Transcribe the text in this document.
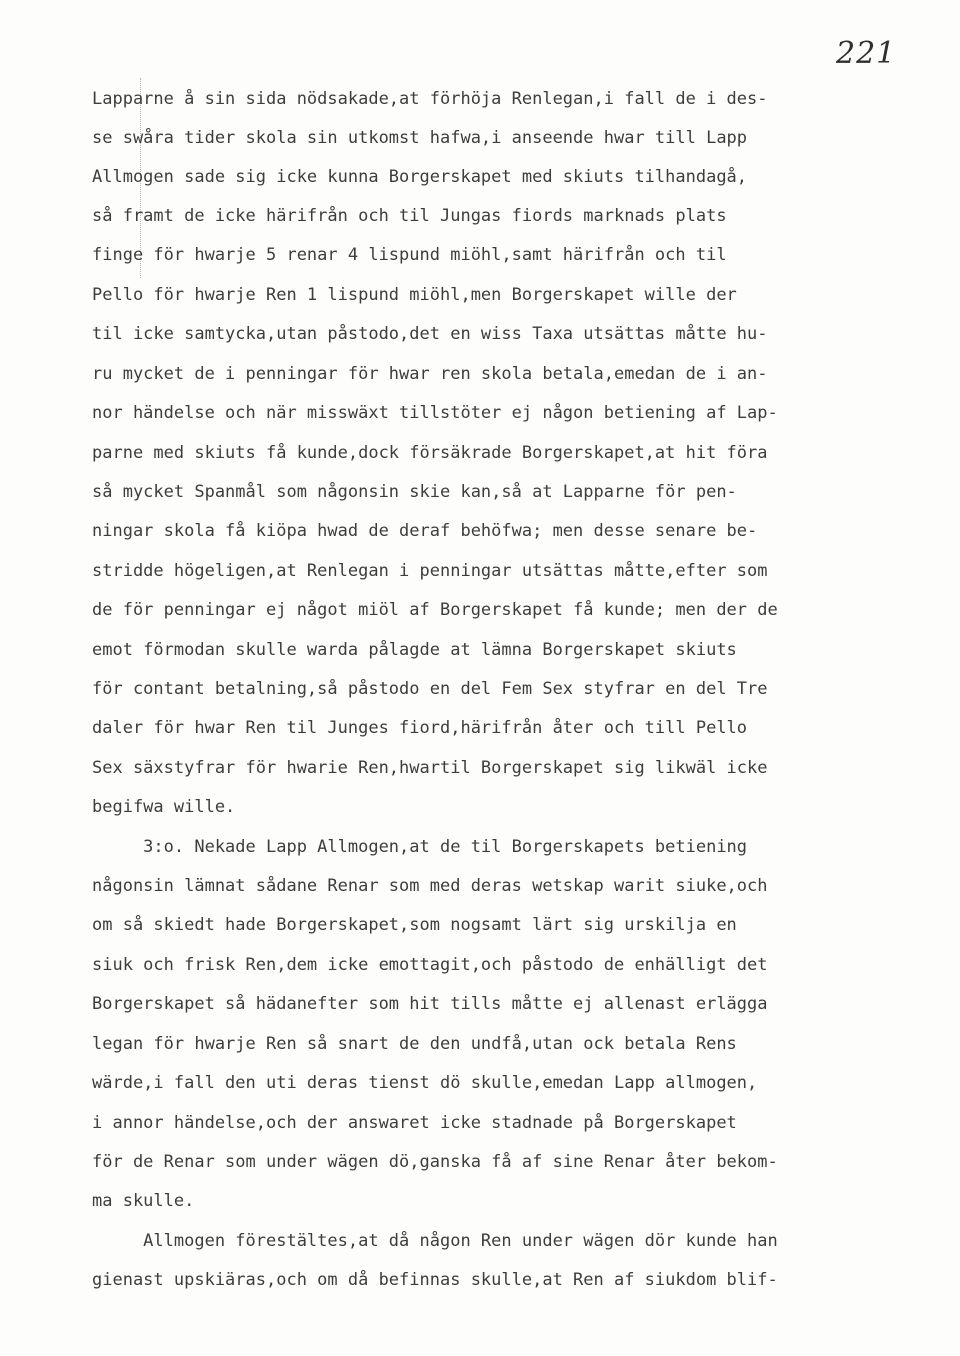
221
Lapparne å sin sida nödsakade,at förhöja Renlegan,i fall de i des-
se swåra tider skola sin utkomst hafwa,i anseende hwar till Lapp
Allmogen sade sig icke kunna Borgerskapet med skiuts tilhandagå,
så framt de icke härifrån och til Jungas fiords marknads plats
finge för hwarje 5 renar 4 lispund miöhl,samt härifrån och til
Pello för hwarje Ren 1 lispund miöhl,men Borgerskapet wille der
til icke samtycka,utan påstodo,det en wiss Taxa utsättas måtte hu-
ru mycket de i penningar för hwar ren skola betala,emedan de i an-
nor händelse och när misswäxt tillstöter ej någon betiening af Lap-
parne med skiuts få kunde,dock försäkrade Borgerskapet,at hit föra
så mycket Spanmål som någonsin skie kan,så at Lapparne för pen-
ningar skola få kiöpa hwad de deraf behöfwa; men desse senare be-
stridde högeligen,at Renlegan i penningar utsättas måtte,efter som
de för penningar ej något miöl af Borgerskapet få kunde; men der de
emot förmodan skulle warda pålagde at lämna Borgerskapet skiuts
för contant betalning,så påstodo en del Fem Sex styfrar en del Tre
daler för hwar Ren til Junges fiord,härifrån åter och till Pello
Sex säxstyfrar för hwarie Ren,hwartil Borgerskapet sig likwäl icke
begifwa wille.
3:o. Nekade Lapp Allmogen,at de til Borgerskapets betiening
någonsin lämnat sådane Renar som med deras wetskap warit siuke,och
om så skiedt hade Borgerskapet,som nogsamt lärt sig urskilja en
siuk och frisk Ren,dem icke emottagit,och påstodo de enhälligt det
Borgerskapet så hädanefter som hit tills måtte ej allenast erlägga
legan för hwarje Ren så snart de den undfå,utan ock betala Rens
wärde,i fall den uti deras tienst dö skulle,emedan Lapp allmogen,
i annor händelse,och der answaret icke stadnade på Borgerskapet
för de Renar som under wägen dö,ganska få af sine Renar åter bekom-
ma skulle.
Allmogen förestältes,at då någon Ren under wägen dör kunde han
gienast upskiäras,och om då befinnas skulle,at Ren af siukdom blif-
